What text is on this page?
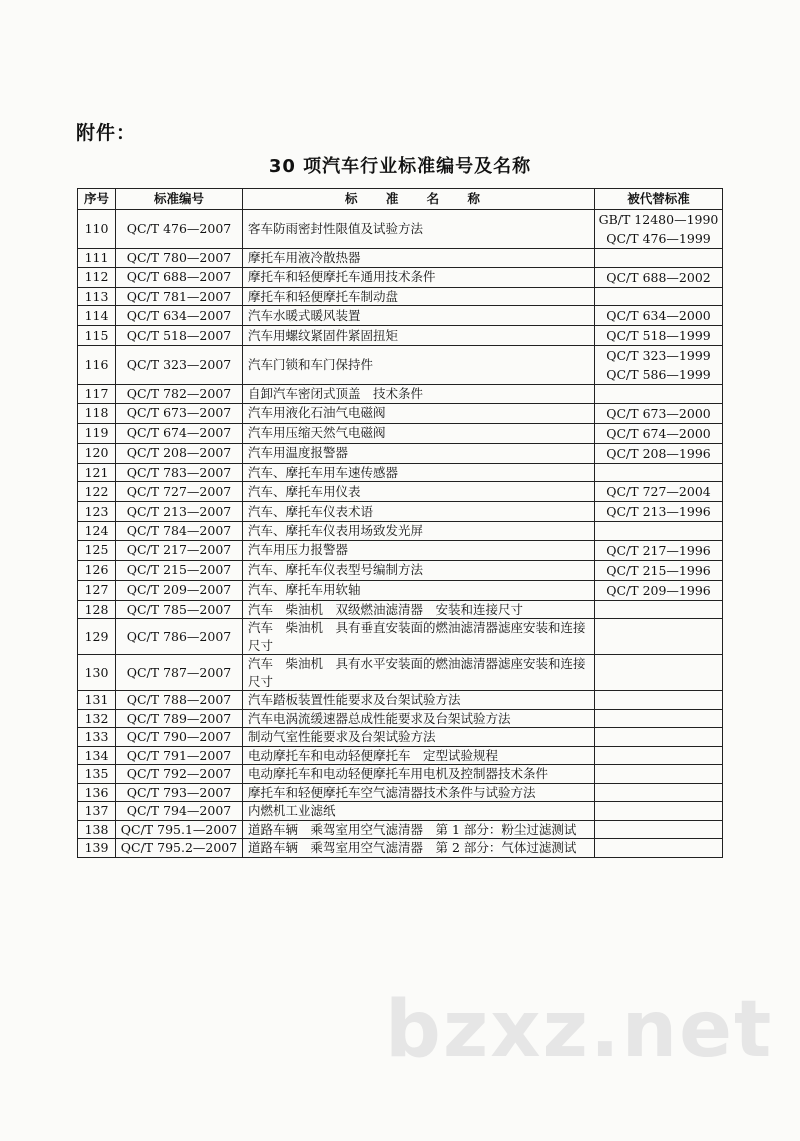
附件：
30 项汽车行业标准编号及名称
序号	标准编号	标 准 名 称	被代替标准
110	QC/T 476—2007	客车防雨密封性限值及试验方法	GB/T 12480—1990
QC/T 476—1999

111	QC/T 780—2007	摩托车用液冷散热器	
112	QC/T 688—2007	摩托车和轻便摩托车通用技术条件	QC/T 688—2002

113	QC/T 781—2007	摩托车和轻便摩托车制动盘	
114	QC/T 634—2007	汽车水暖式暖风装置	QC/T 634—2000

115	QC/T 518—2007	汽车用螺纹紧固件紧固扭矩	QC/T 518—1999

116	QC/T 323—2007	汽车门锁和车门保持件	QC/T 323—1999
QC/T 586—1999

117	QC/T 782—2007	自卸汽车密闭式顶盖　技术条件	
118	QC/T 673—2007	汽车用液化石油气电磁阀	QC/T 673—2000

119	QC/T 674—2007	汽车用压缩天然气电磁阀	QC/T 674—2000

120	QC/T 208—2007	汽车用温度报警器	QC/T 208—1996

121	QC/T 783—2007	汽车、摩托车用车速传感器	
122	QC/T 727—2007	汽车、摩托车用仪表	QC/T 727—2004

123	QC/T 213—2007	汽车、摩托车仪表术语	QC/T 213—1996

124	QC/T 784—2007	汽车、摩托车仪表用场致发光屏	
125	QC/T 217—2007	汽车用压力报警器	QC/T 217—1996

126	QC/T 215—2007	汽车、摩托车仪表型号编制方法	QC/T 215—1996

127	QC/T 209—2007	汽车、摩托车用软轴	QC/T 209—1996

128	QC/T 785—2007	汽车　柴油机　双级燃油滤清器　安装和连接尺寸	
129	QC/T 786—2007	汽车　柴油机　具有垂直安装面的燃油滤清器滤座安装和连接尺寸	
130	QC/T 787—2007	汽车　柴油机　具有水平安装面的燃油滤清器滤座安装和连接尺寸	
131	QC/T 788—2007	汽车踏板装置性能要求及台架试验方法	
132	QC/T 789—2007	汽车电涡流缓速器总成性能要求及台架试验方法	
133	QC/T 790—2007	制动气室性能要求及台架试验方法	
134	QC/T 791—2007	电动摩托车和电动轻便摩托车　定型试验规程	
135	QC/T 792—2007	电动摩托车和电动轻便摩托车用电机及控制器技术条件	
136	QC/T 793—2007	摩托车和轻便摩托车空气滤清器技术条件与试验方法	
137	QC/T 794—2007	内燃机工业滤纸	
138	QC/T 795.1—2007	道路车辆　乘驾室用空气滤清器　第 1 部分：粉尘过滤测试	
139	QC/T 795.2—2007	道路车辆　乘驾室用空气滤清器　第 2 部分：气体过滤测试	
bzxz.net
